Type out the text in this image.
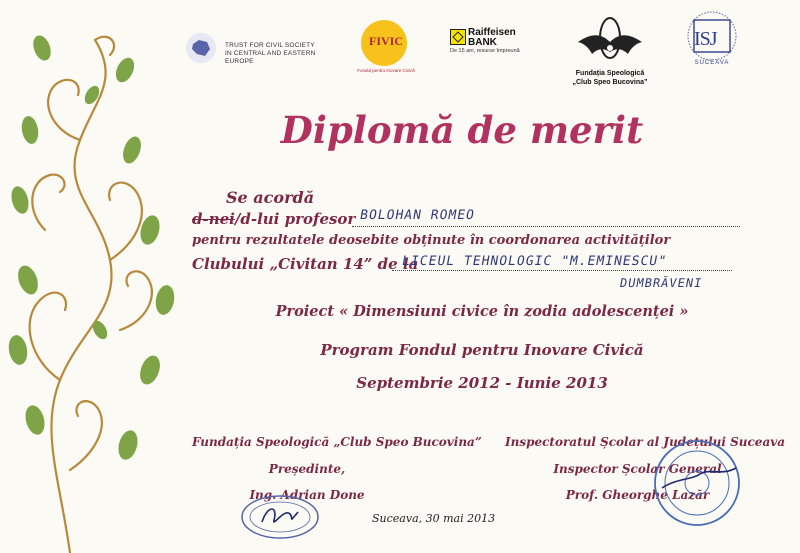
TRUST FOR CIVIL SOCIETY
IN CENTRAL AND EASTERN EUROPE
FIVIC
Fondul pentru Inovare Civică
Raiffeisen
BANK
De 15 ani, resurse împreună
Fundația Speologică
„Club Speo Bucovina”
ISJ
SUCEAVA
Diplomă de merit
Se acordă
d-nei/d-lui profesor BOLOHAN ROMEO
pentru rezultatele deosebite obținute în coordonarea activităților
Clubului „Civitan 14” de la
LICEUL TEHNOLOGIC "M.EMINESCU"
DUMBRĂVENI
Proiect « Dimensiuni civice în zodia adolescenței »
Program Fondul pentru Inovare Civică
Septembrie 2012 - Iunie 2013
Fundația Speologică „Club Speo Bucovina”
Președinte,
Ing. Adrian Done
Inspectoratul Școlar al Județului Suceava
Inspector Școlar General
Prof. Gheorghe Lazăr
Suceava, 30 mai 2013
